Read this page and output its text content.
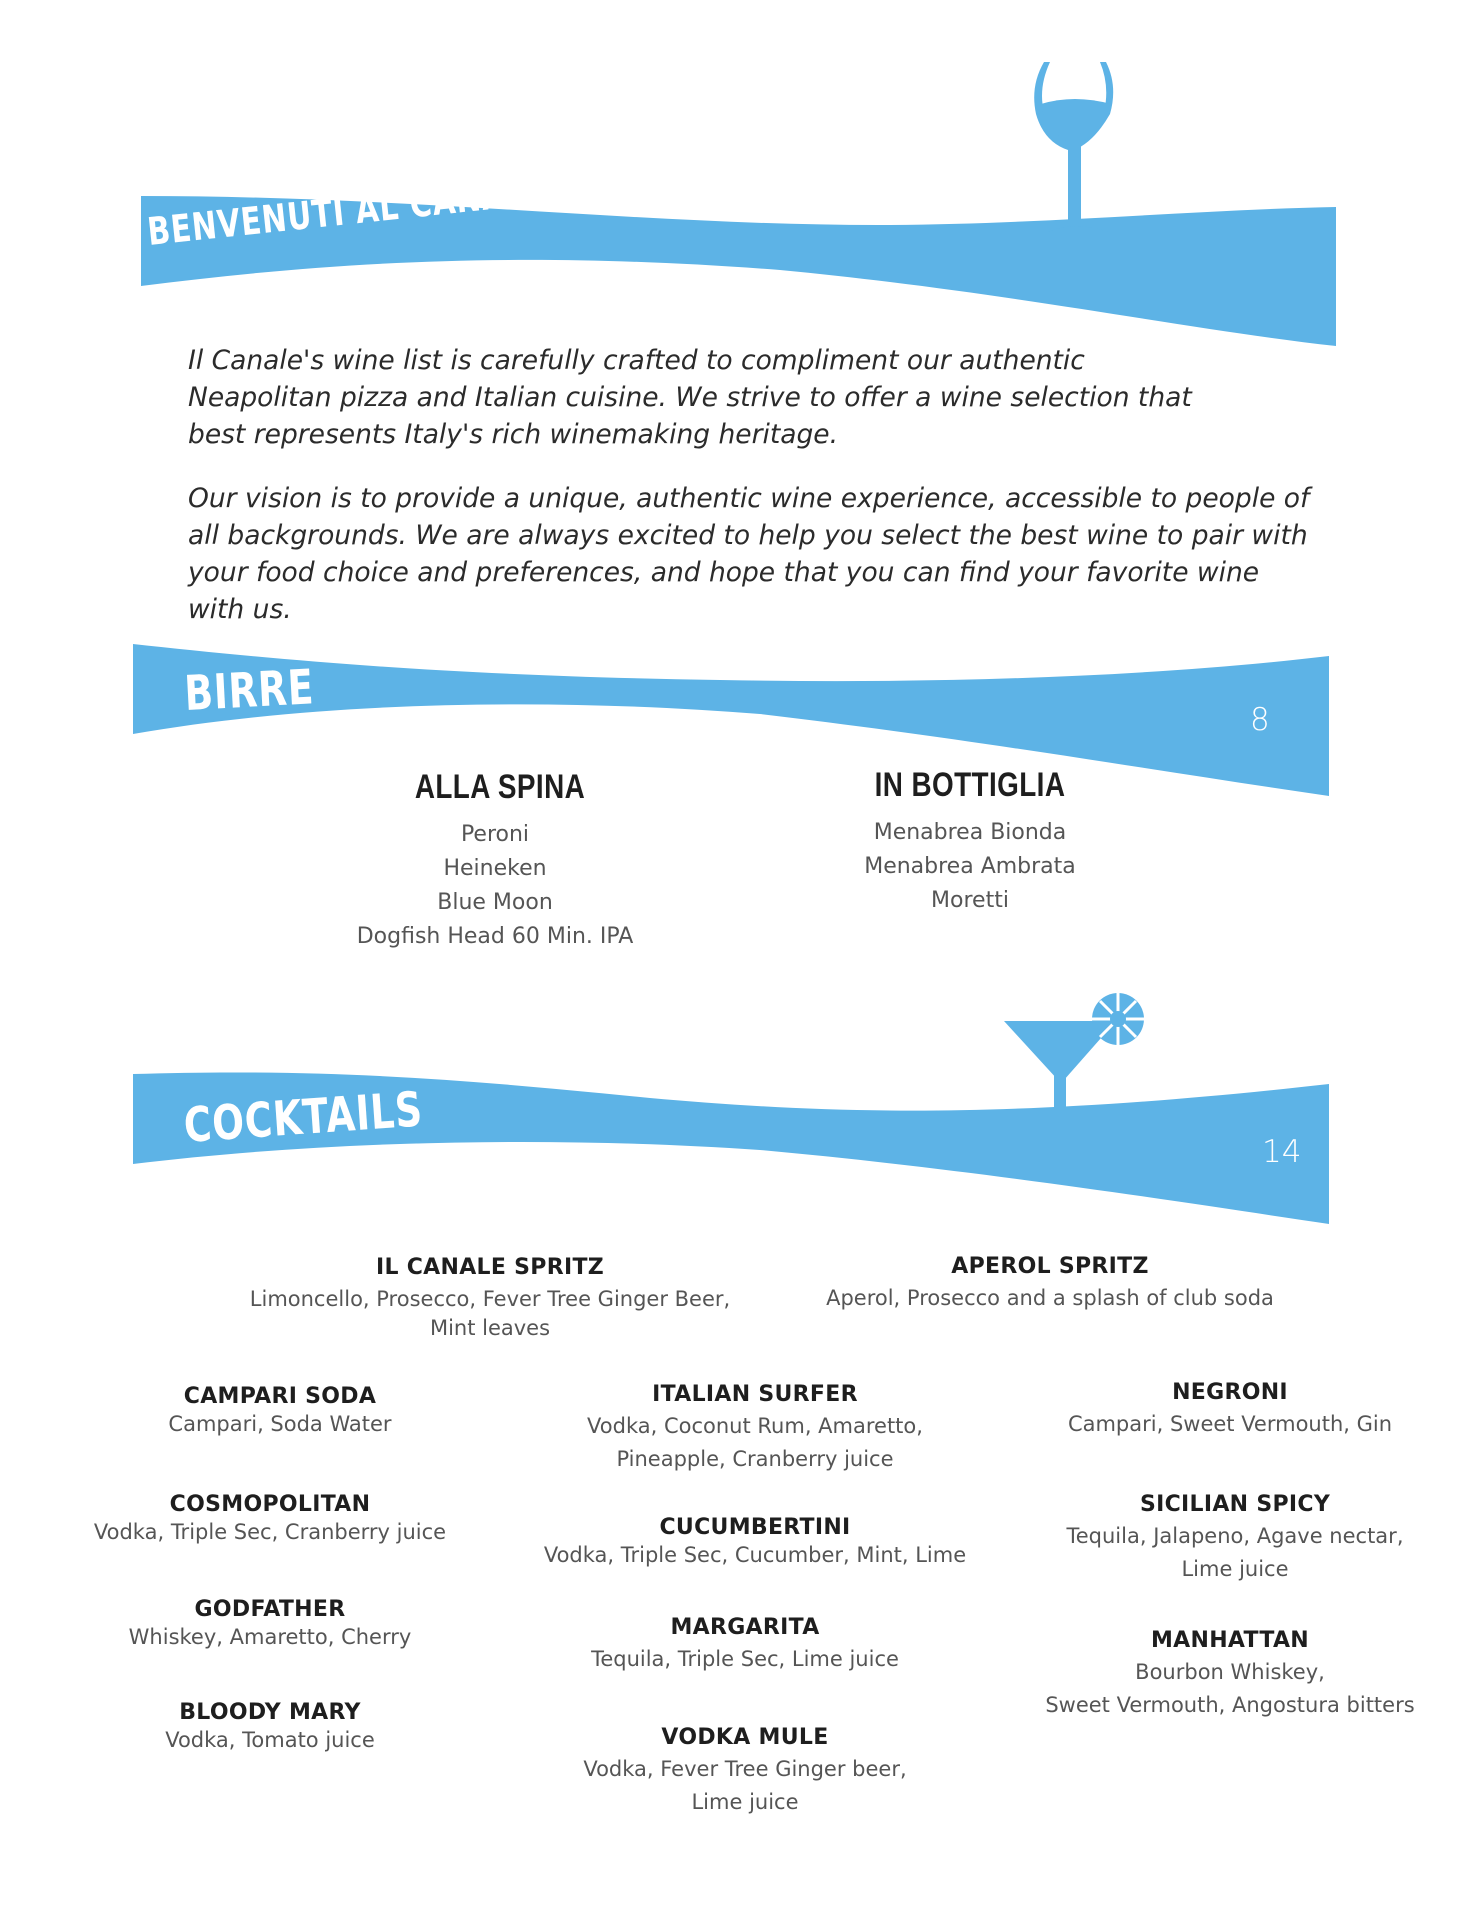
BENVENUTI AL CANALE
BIRRE	8
COCKTAILS	14

Il Canale's wine list is carefully crafted to compliment our authentic Neapolitan pizza and Italian cuisine. We strive to offer a wine selection that best represents Italy's rich winemaking heritage.

Our vision is to provide a unique, authentic wine experience, accessible to people of all backgrounds. We are always excited to help you select the best wine to pair with your food choice and preferences, and hope that you can find your favorite wine with us.

ALLA SPINA
Peroni
Heineken
Blue Moon
Dogfish Head 60 Min. IPA
IN BOTTIGLIA
Menabrea Bionda
Menabrea Ambrata
Moretti
IL CANALE SPRITZ
Limoncello, Prosecco, Fever Tree Ginger Beer,
Mint leaves
APEROL SPRITZ
Aperol, Prosecco and a splash of club soda
CAMPARI SODA
Campari, Soda Water
COSMOPOLITAN
Vodka, Triple Sec, Cranberry juice
GODFATHER
Whiskey, Amaretto, Cherry
BLOODY MARY
Vodka, Tomato juice
ITALIAN SURFER
Vodka, Coconut Rum, Amaretto,
Pineapple, Cranberry juice
CUCUMBERTINI
Vodka, Triple Sec, Cucumber, Mint, Lime
MARGARITA
Tequila, Triple Sec, Lime juice
VODKA MULE
Vodka, Fever Tree Ginger beer,
Lime juice
NEGRONI
Campari, Sweet Vermouth, Gin
SICILIAN SPICY
Tequila, Jalapeno, Agave nectar,
Lime juice
MANHATTAN
Bourbon Whiskey,
Sweet Vermouth, Angostura bitters
